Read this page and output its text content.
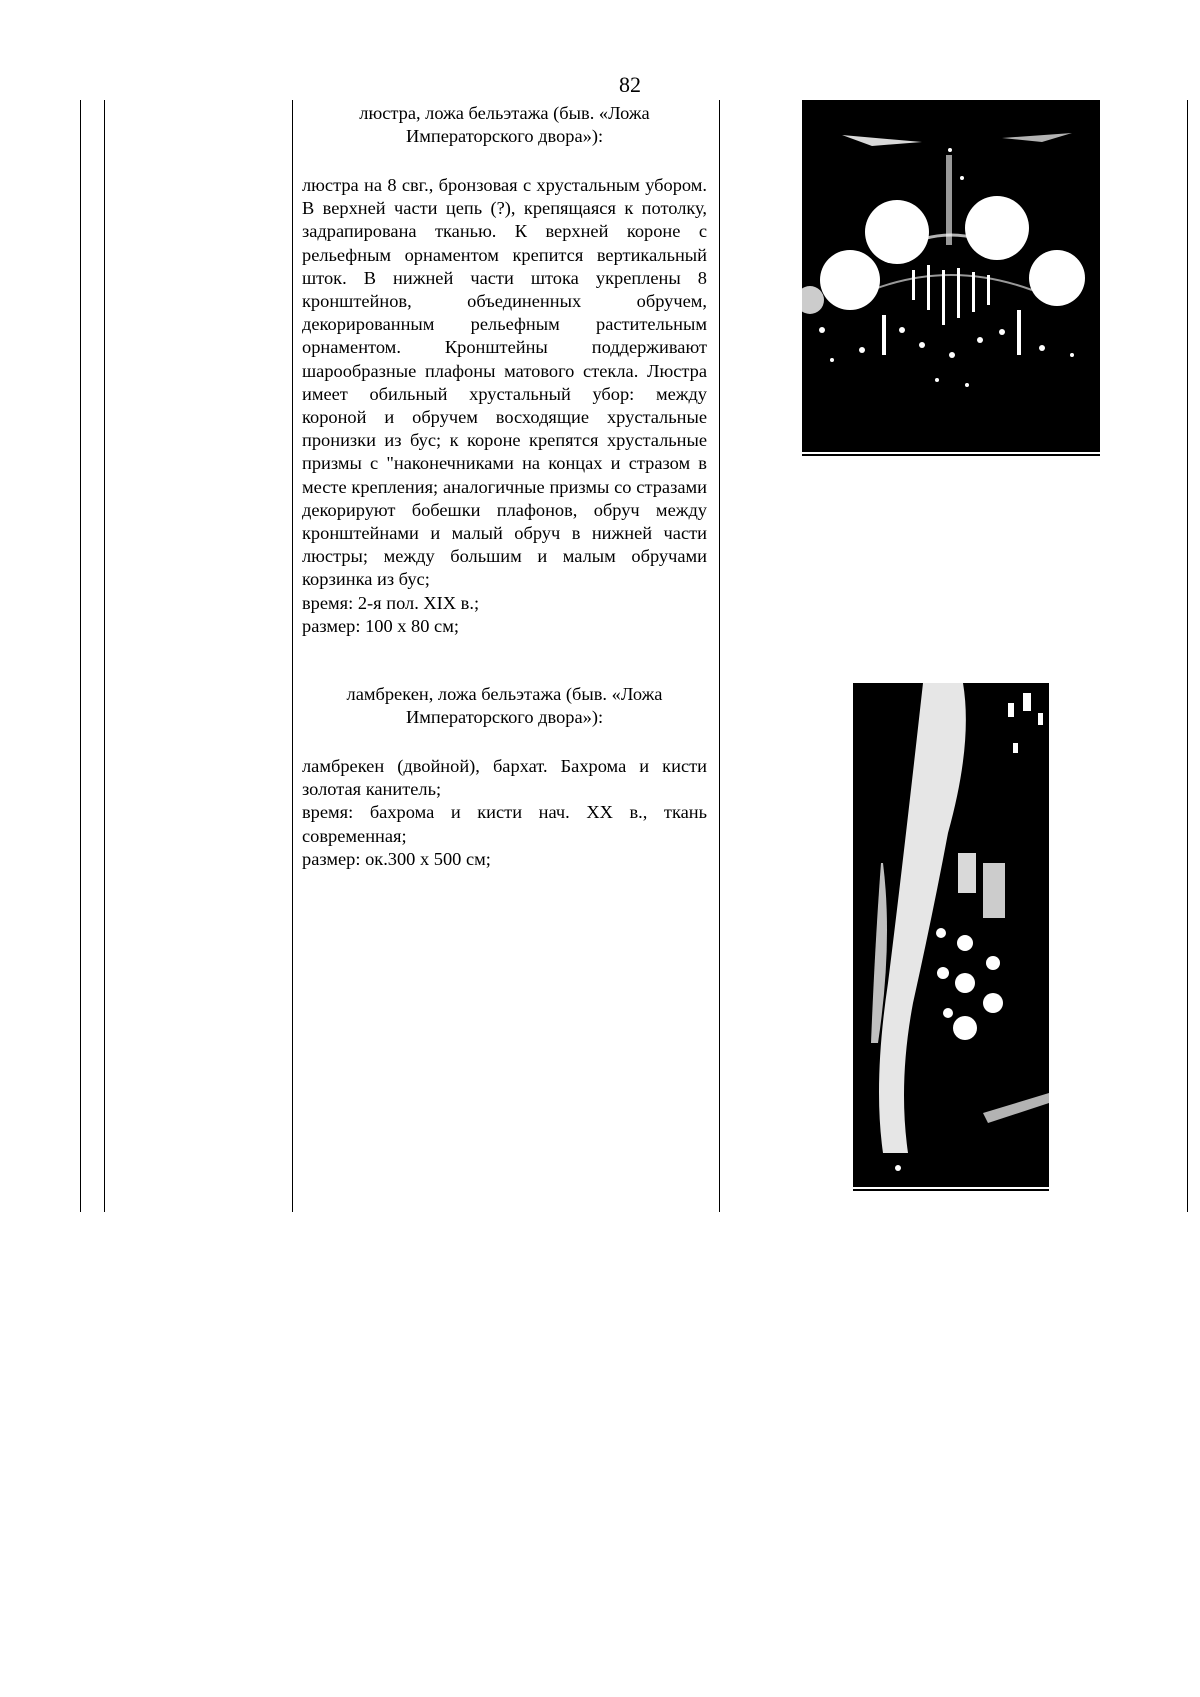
82
люстра, ложа бельэтажа (быв. «Ложа
Императорского двора»):

люстра на 8 свг., бронзовая с хрустальным убором. В верхней части цепь (?), крепящаяся к потолку, задрапирована тканью. К верхней короне с рельефным орнаментом крепится вертикальный шток. В нижней части штока укреплены 8 кронштейнов, объединенных обручем, декорированным рельефным растительным орнаментом. Кронштейны поддерживают шарообразные плафоны матового стекла. Люстра имеет обильный хрустальный убор: между короной и обручем восходящие хрустальные пронизки из бус; к короне крепятся хрустальные призмы с "наконечниками на концах и стразом в месте крепления; аналогичные призмы со стразами декорируют бобешки плафонов, обруч между кронштейнами и малый обруч в нижней части люстры; между большим и малым обручами корзинка из бус;

время: 2-я пол. XIX в.;

размер: 100 х 80 см;

ламбрекен, ложа бельэтажа (быв. «Ложа
Императорского двора»):

ламбрекен (двойной), бархат. Бахрома и кисти золотая канитель;

время: бахрома и кисти нач. XX в., ткань современная;

размер: ок.300 х 500 см;
